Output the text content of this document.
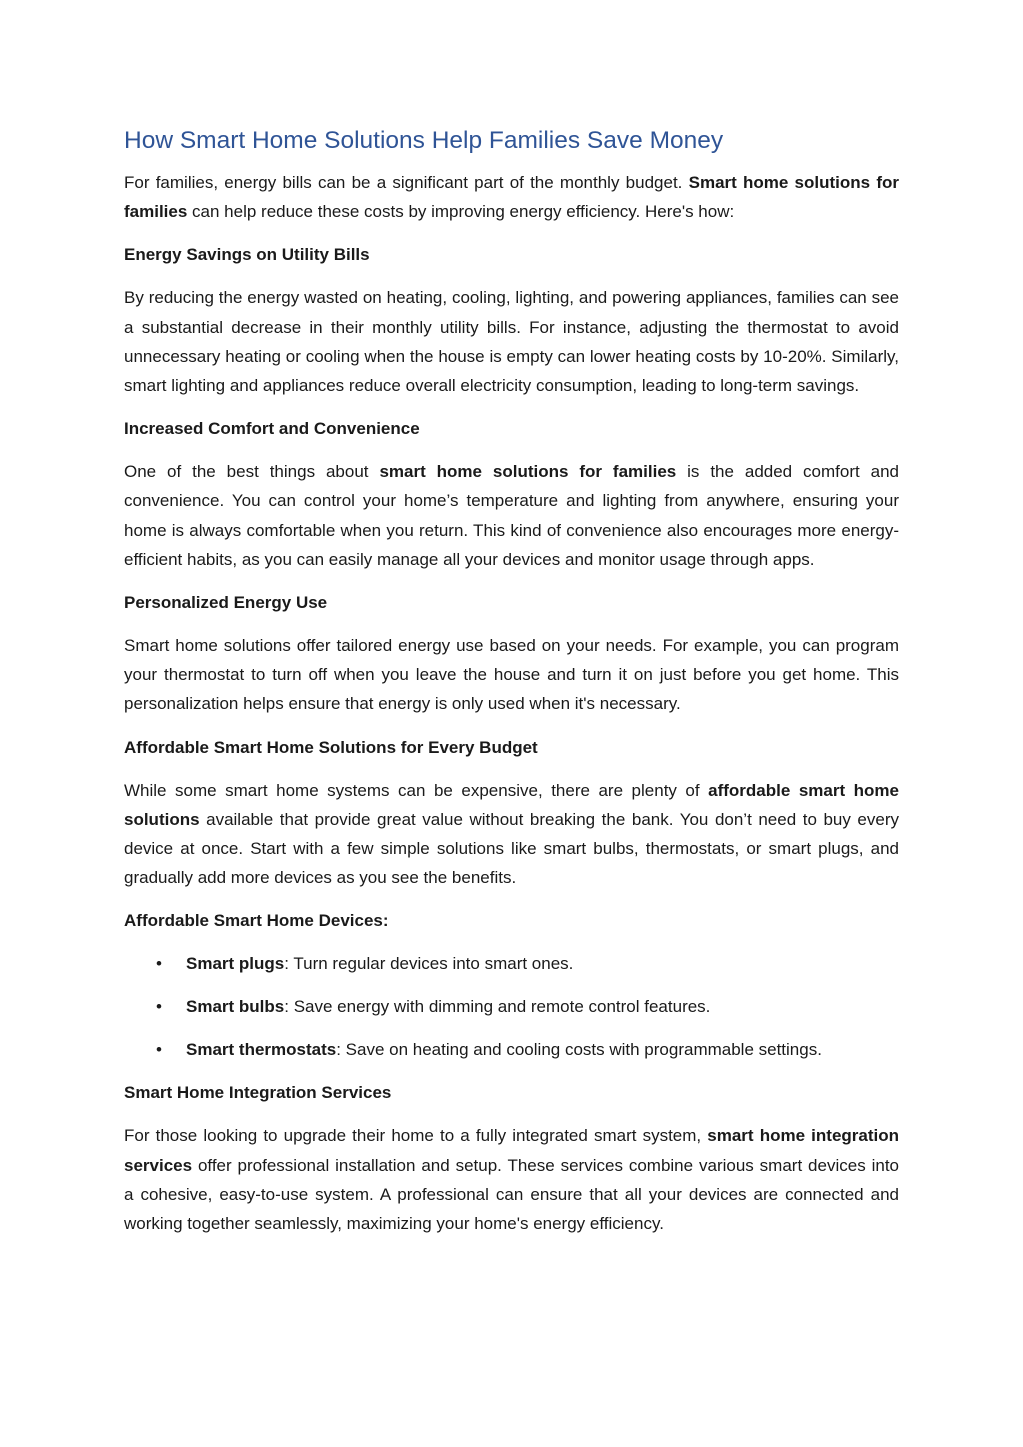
How Smart Home Solutions Help Families Save Money

For families, energy bills can be a significant part of the monthly budget. Smart home solutions for families can help reduce these costs by improving energy efficiency. Here's how:

Energy Savings on Utility Bills

By reducing the energy wasted on heating, cooling, lighting, and powering appliances, families can see a substantial decrease in their monthly utility bills. For instance, adjusting the thermostat to avoid unnecessary heating or cooling when the house is empty can lower heating costs by 10-20%. Similarly, smart lighting and appliances reduce overall electricity consumption, leading to long-term savings.

Increased Comfort and Convenience

One of the best things about smart home solutions for families is the added comfort and convenience. You can control your home’s temperature and lighting from anywhere, ensuring your home is always comfortable when you return. This kind of convenience also encourages more energy-efficient habits, as you can easily manage all your devices and monitor usage through apps.

Personalized Energy Use

Smart home solutions offer tailored energy use based on your needs. For example, you can program your thermostat to turn off when you leave the house and turn it on just before you get home. This personalization helps ensure that energy is only used when it's necessary.

Affordable Smart Home Solutions for Every Budget

While some smart home systems can be expensive, there are plenty of affordable smart home solutions available that provide great value without breaking the bank. You don’t need to buy every device at once. Start with a few simple solutions like smart bulbs, thermostats, or smart plugs, and gradually add more devices as you see the benefits.

Affordable Smart Home Devices:
• Smart plugs: Turn regular devices into smart ones.
• Smart bulbs: Save energy with dimming and remote control features.
• Smart thermostats: Save on heating and cooling costs with programmable settings.
Smart Home Integration Services

For those looking to upgrade their home to a fully integrated smart system, smart home integration services offer professional installation and setup. These services combine various smart devices into a cohesive, easy-to-use system. A professional can ensure that all your devices are connected and working together seamlessly, maximizing your home's energy efficiency.
